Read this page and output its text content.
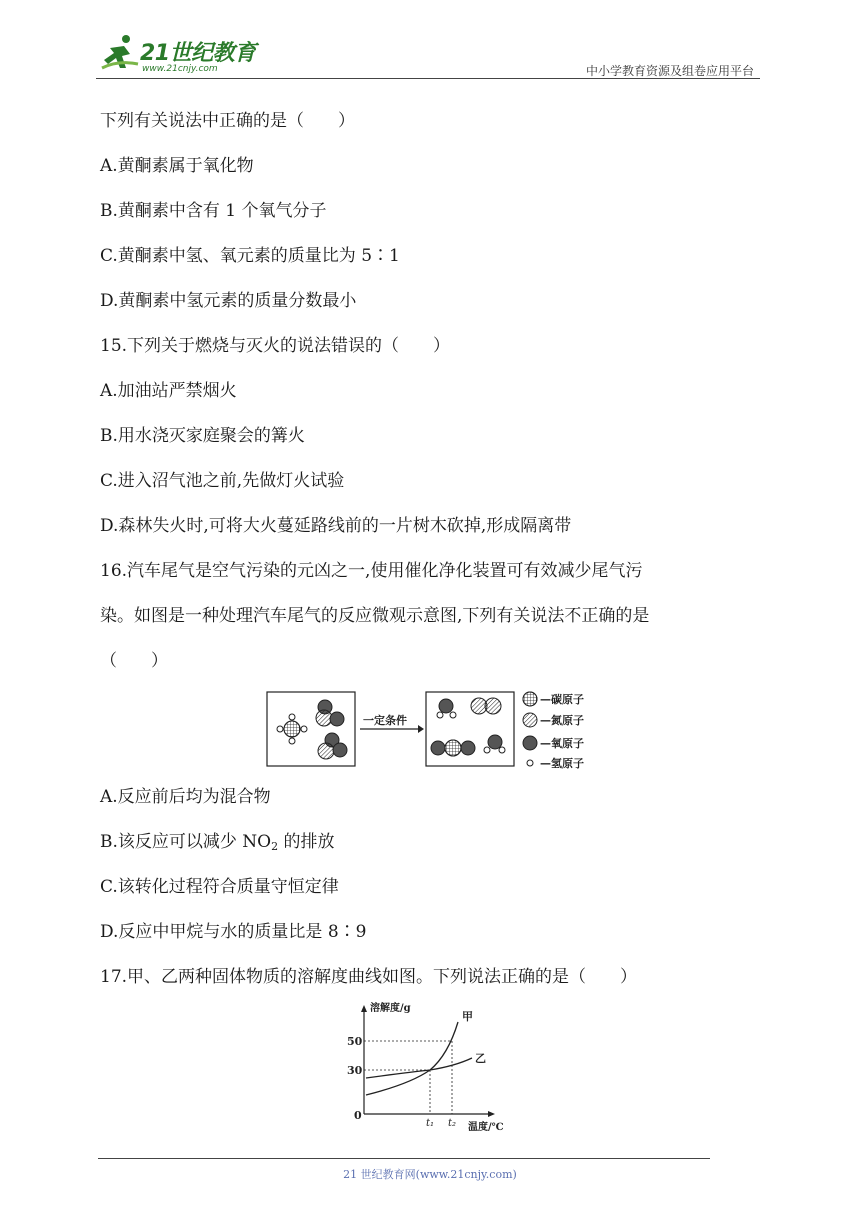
21世纪教育
www.21cnjy.com	中小学教育资源及组卷应用平台
下列有关说法中正确的是（　　）
A.黄酮素属于氧化物
B.黄酮素中含有 1 个氧气分子
C.黄酮素中氢、氧元素的质量比为 5∶1
D.黄酮素中氢元素的质量分数最小
15.下列关于燃烧与灭火的说法错误的（　　）
A.加油站严禁烟火
B.用水浇灭家庭聚会的篝火
C.进入沼气池之前,先做灯火试验
D.森林失火时,可将大火蔓延路线前的一片树木砍掉,形成隔离带
16.汽车尾气是空气污染的元凶之一,使用催化净化装置可有效减少尾气污
染。如图是一种处理汽车尾气的反应微观示意图,下列有关说法不正确的是
（　　）
一定条件
—碳原子
—氮原子
—氧原子
—氢原子
A.反应前后均为混合物
B.该反应可以减少 $NO_2$ 的排放
C.该转化过程符合质量守恒定律
D.反应中甲烷与水的质量比是 8∶9
17.甲、乙两种固体物质的溶解度曲线如图。下列说法正确的是（　　）
溶解度/g
50
30
0
甲
乙
t₁ t₂ 温度/℃
21 世纪教育网(www.21cnjy.com)
